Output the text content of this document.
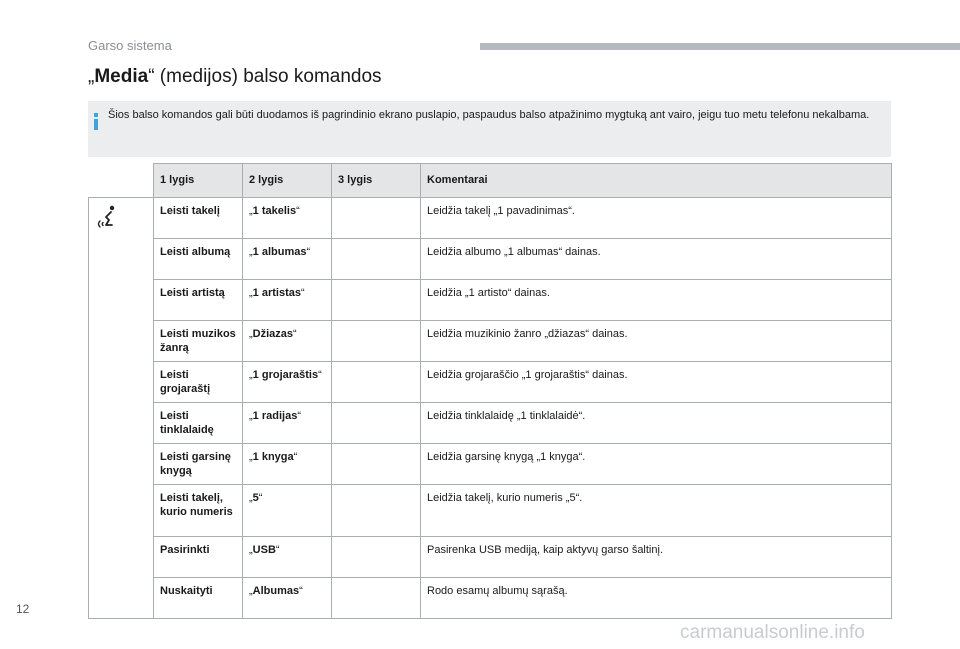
Garso sistema
„Media“ (medijos) balso komandos
Šios balso komandos gali būti duodamos iš pagrindinio ekrano puslapio, paspaudus balso atpažinimo mygtuką ant vairo, jeigu tuo metu telefonu nekalbama.
	1 lygis	2 lygis	3 lygis	Komentarai
	Leisti takelį	„1 takelis“		Leidžia takelį „1 pavadinimas“.
	Leisti albumą	„1 albumas“		Leidžia albumo „1 albumas“ dainas.
	Leisti artistą	„1 artistas“		Leidžia „1 artisto“ dainas.
	Leisti muzikos žanrą	„Džiazas“		Leidžia muzikinio žanro „džiazas“ dainas.
	Leisti grojaraštį	„1 grojaraštis“		Leidžia grojaraščio „1 grojaraštis“ dainas.
	Leisti tinklalaidę	„1 radijas“		Leidžia tinklalaidę „1 tinklalaidė“.
	Leisti garsinę knygą	„1 knyga“		Leidžia garsinę knygą „1 knyga“.
	Leisti takelį, kurio numeris	„5“		Leidžia takelį, kurio numeris „5“.
	Pasirinkti	„USB“		Pasirenka USB mediją, kaip aktyvų garso šaltinį.
	Nuskaityti	„Albumas“		Rodo esamų albumų sąrašą.
12
carmanualsonline.info
